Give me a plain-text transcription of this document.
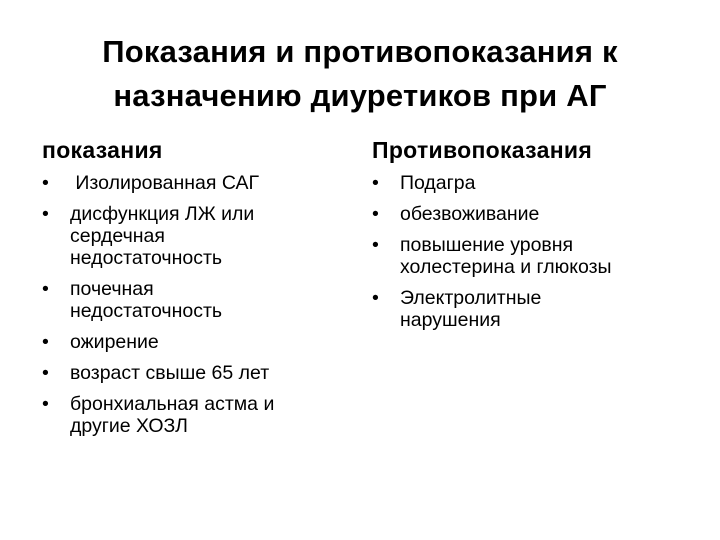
Показания и противопоказания к
назначению диуретиков при АГ
показания
•	Изолированная САГ
•	дисфункция ЛЖ или сердечная недостаточность
•	почечная недостаточность
•	ожирение
•	возраст свыше 65 лет
•	бронхиальная астма и другие ХОЗЛ
Противопоказания
•	Подагра
•	обезвоживание
•	повышение уровня холестерина и глюкозы
•	Электролитные нарушения
